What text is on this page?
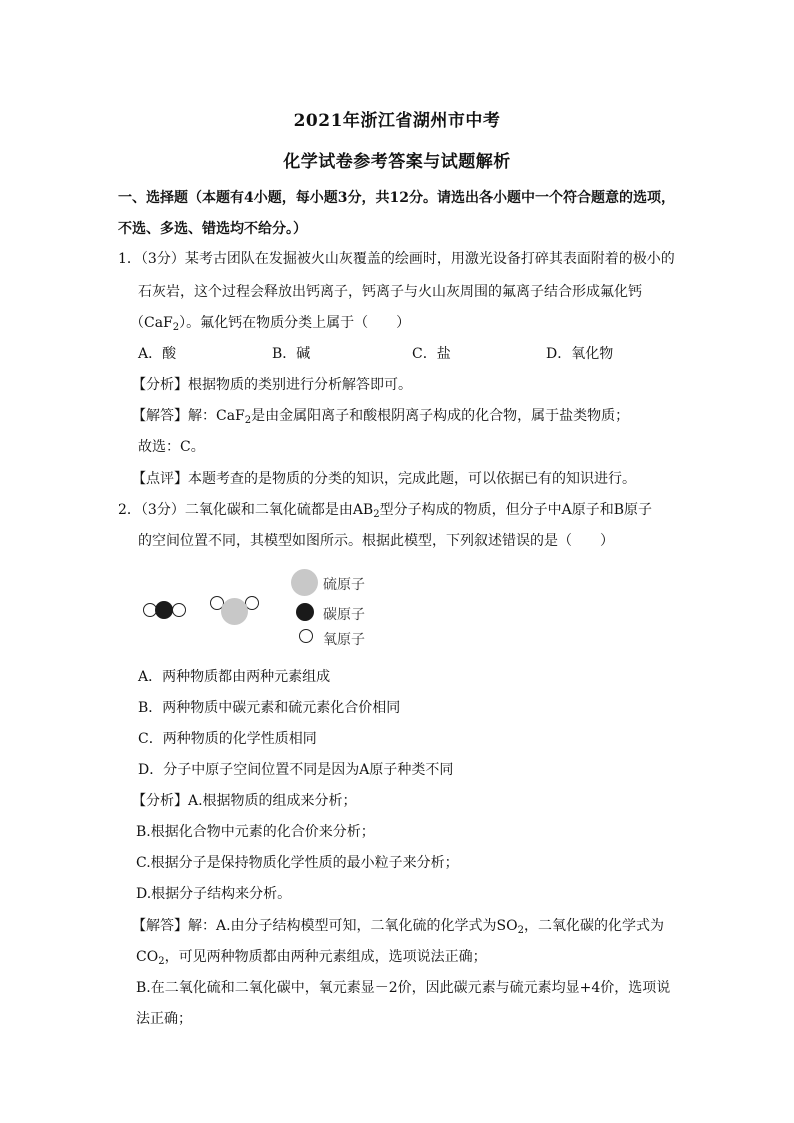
2021年浙江省湖州市中考
化学试卷参考答案与试题解析
一、选择题（本题有4小题，每小题3分，共12分。请选出各小题中一个符合题意的选项，
不选、多选、错选均不给分。）
1．（3分）某考古团队在发掘被火山灰覆盖的绘画时，用激光设备打碎其表面附着的极小的
石灰岩，这个过程会释放出钙离子，钙离子与火山灰周围的氟离子结合形成氟化钙
（CaF$_2$）。氟化钙在物质分类上属于（　　）
A．酸	B．碱	C．盐	D．氧化物
【分析】根据物质的类别进行分析解答即可。
【解答】解：CaF$_2$是由金属阳离子和酸根阴离子构成的化合物，属于盐类物质；
故选：C。
【点评】本题考查的是物质的分类的知识，完成此题，可以依据已有的知识进行。
2．（3分）二氧化碳和二氧化硫都是由$AB_2$型分子构成的物质，但分子中A原子和B原子
的空间位置不同，其模型如图所示。根据此模型，下列叙述错误的是（　　）
硫原子
碳原子
氧原子
A．两种物质都由两种元素组成
B．两种物质中碳元素和硫元素化合价相同
C．两种物质的化学性质相同
D．分子中原子空间位置不同是因为A原子种类不同
【分析】A.根据物质的组成来分析；
B.根据化合物中元素的化合价来分析；
C.根据分子是保持物质化学性质的最小粒子来分析；
D.根据分子结构来分析。
【解答】解：A.由分子结构模型可知，二氧化硫的化学式为$SO_2$，二氧化碳的化学式为
$CO_2$，可见两种物质都由两种元素组成，选项说法正确；
B.在二氧化硫和二氧化碳中，氧元素显－2价，因此碳元素与硫元素均显+4价，选项说
法正确；
